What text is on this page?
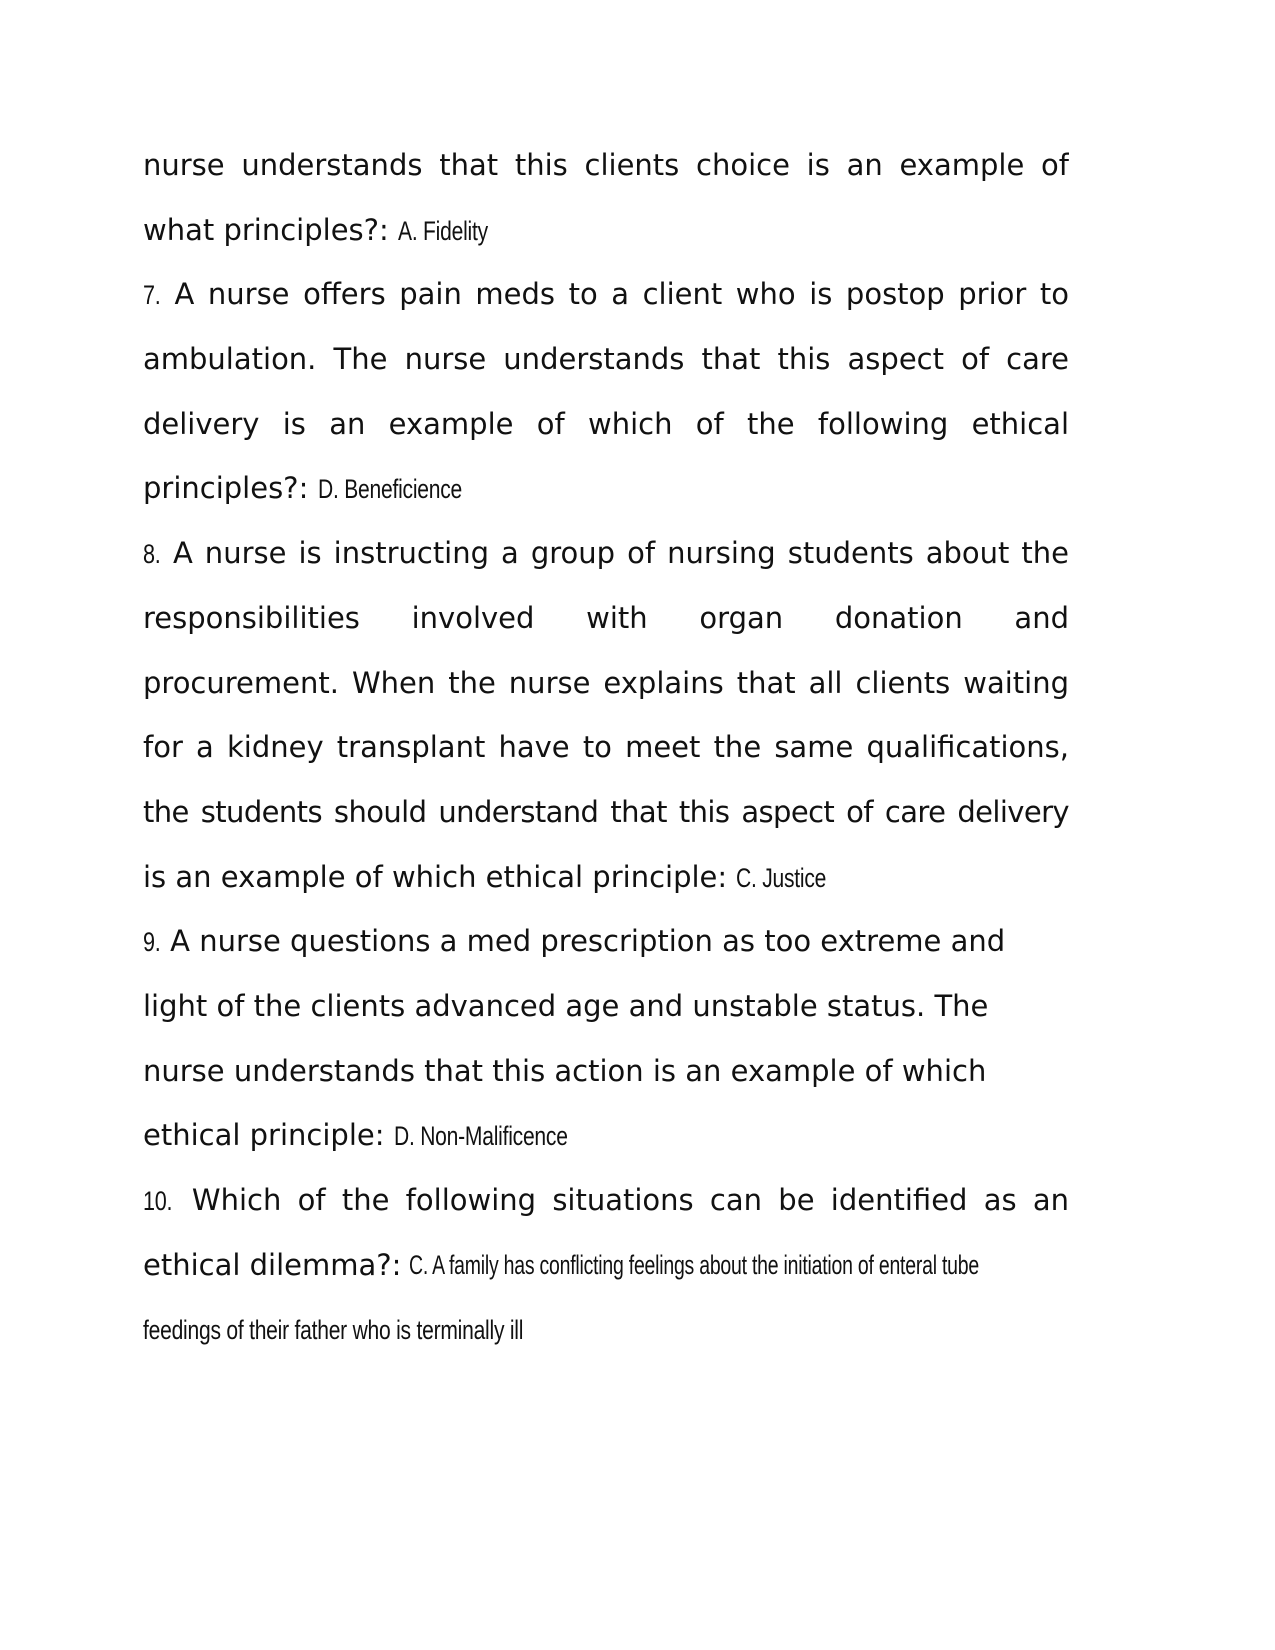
nurse understands that this clients choice is an example of
what principles?: A. Fidelity
7. A nurse offers pain meds to a client who is postop prior to
ambulation. The nurse understands that this aspect of care
delivery is an example of which of the following ethical
principles?: D. Beneficience
8. A nurse is instructing a group of nursing students about the
responsibilities involved with organ donation and
procurement. When the nurse explains that all clients waiting
for a kidney transplant have to meet the same qualifications,
the students should understand that this aspect of care delivery
is an example of which ethical principle: C. Justice
9. A nurse questions a med prescription as too extreme and
light of the clients advanced age and unstable status. The
nurse understands that this action is an example of which
ethical principle: D. Non-Malificence
10. Which of the following situations can be identified as an
ethical dilemma?: C. A family has conflicting feelings about the initiation of enteral tube
feedings of their father who is terminally ill
